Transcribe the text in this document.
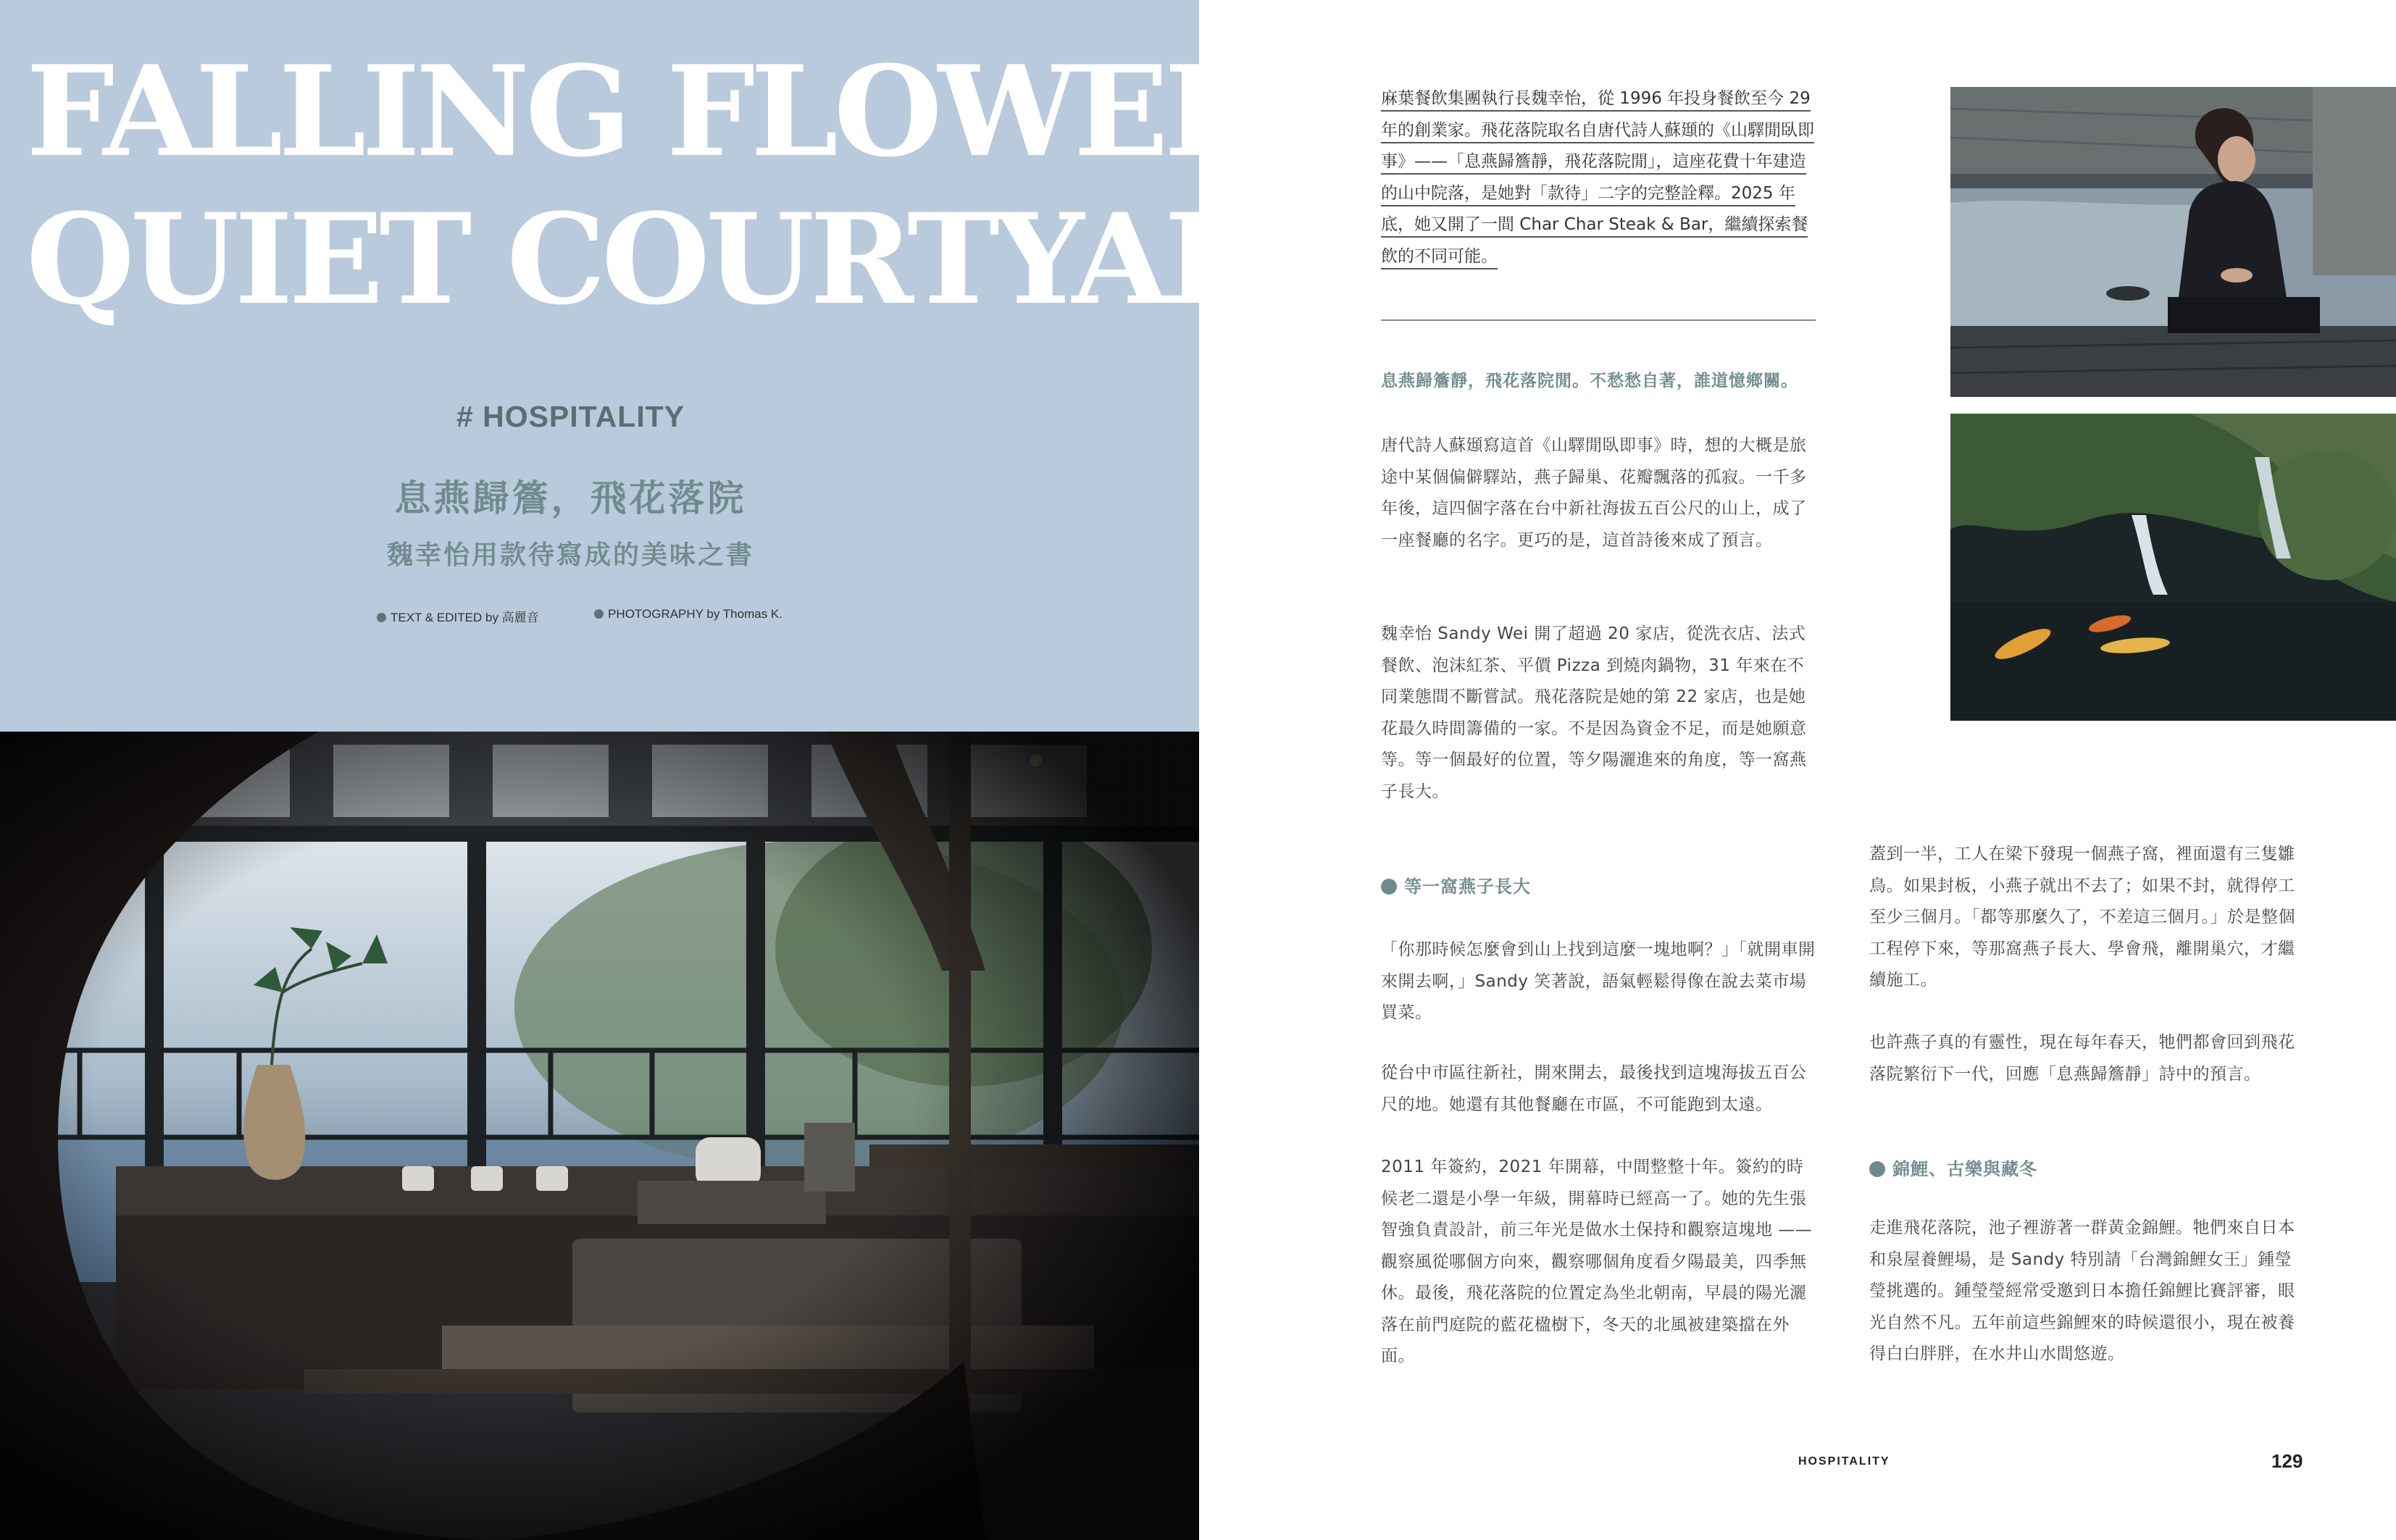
FALLING FLOWERS,
QUIET COURTYARD
# HOSPITALITY
息燕歸簷，飛花落院
魏幸怡用款待寫成的美味之書
TEXT & EDITED by 高麗音	PHOTOGRAPHY by Thomas K.
麻葉餐飲集團執行長魏幸怡，從 1996 年投身餐飲至今 29 年的創業家。飛花落院取名自唐代詩人蘇頲的《山驛閒臥即事》——「息燕歸簷靜，飛花落院閒」，這座花費十年建造的山中院落，是她對「款待」二字的完整詮釋。2025 年底，她又開了一間 Char Char Steak & Bar，繼續探索餐飲的不同可能。
息燕歸簷靜，飛花落院閒。不愁愁自著，誰道憶鄉關。

唐代詩人蘇頲寫這首《山驛閒臥即事》時，想的大概是旅途中某個偏僻驛站，燕子歸巢、花瓣飄落的孤寂。一千多年後，這四個字落在台中新社海拔五百公尺的山上，成了一座餐廳的名字。更巧的是，這首詩後來成了預言。

魏幸怡 Sandy Wei 開了超過 20 家店，從洗衣店、法式餐飲、泡沫紅茶、平價 Pizza 到燒肉鍋物，31 年來在不同業態間不斷嘗試。飛花落院是她的第 22 家店，也是她花最久時間籌備的一家。不是因為資金不足，而是她願意等。等一個最好的位置，等夕陽灑進來的角度，等一窩燕子長大。

等一窩燕子長大

「你那時候怎麼會到山上找到這麼一塊地啊？」「就開車開來開去啊，」Sandy 笑著說，語氣輕鬆得像在說去菜市場買菜。

從台中市區往新社，開來開去，最後找到這塊海拔五百公尺的地。她還有其他餐廳在市區，不可能跑到太遠。

2011 年簽約，2021 年開幕，中間整整十年。簽約的時候老二還是小學一年級，開幕時已經高一了。她的先生張智強負責設計，前三年光是做水土保持和觀察這塊地 —— 觀察風從哪個方向來，觀察哪個角度看夕陽最美，四季無休。最後，飛花落院的位置定為坐北朝南，早晨的陽光灑落在前門庭院的藍花楹樹下，冬天的北風被建築擋在外面。

蓋到一半，工人在梁下發現一個燕子窩，裡面還有三隻雛鳥。如果封板，小燕子就出不去了；如果不封，就得停工至少三個月。「都等那麼久了，不差這三個月。」於是整個工程停下來，等那窩燕子長大、學會飛，離開巢穴，才繼續施工。

也許燕子真的有靈性，現在每年春天，牠們都會回到飛花落院繁衍下一代，回應「息燕歸簷靜」詩中的預言。

錦鯉、古樂與藏冬

走進飛花落院，池子裡游著一群黃金錦鯉。牠們來自日本和泉屋養鯉場，是 Sandy 特別請「台灣錦鯉女王」鍾瑩瑩挑選的。鍾瑩瑩經常受邀到日本擔任錦鯉比賽評審，眼光自然不凡。五年前這些錦鯉來的時候還很小，現在被養得白白胖胖，在水井山水間悠遊。

HOSPITALITY	129
